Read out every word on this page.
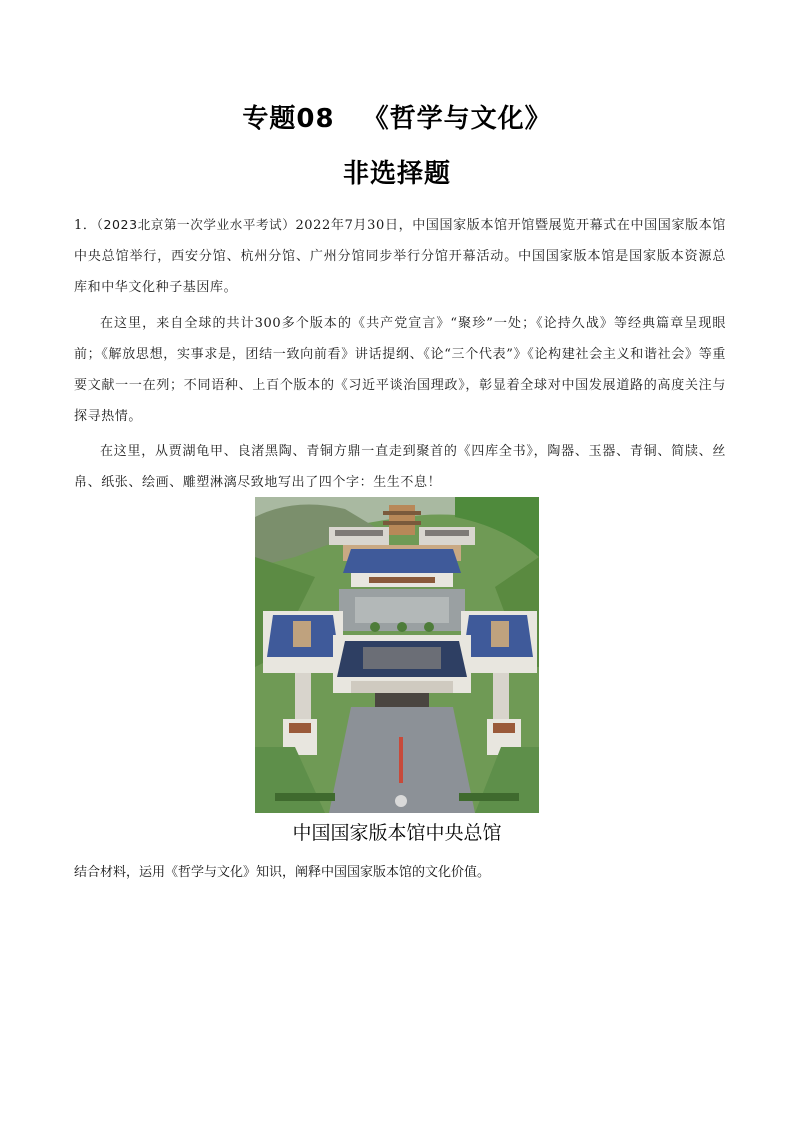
专题08 《哲学与文化》
非选择题
1．（2023北京第一次学业水平考试）2022年7月30日，中国国家版本馆开馆暨展览开幕式在中国国家版本馆中央总馆举行，西安分馆、杭州分馆、广州分馆同步举行分馆开幕活动。中国国家版本馆是国家版本资源总库和中华文化种子基因库。
在这里，来自全球的共计300多个版本的《共产党宣言》“聚珍”一处；《论持久战》等经典篇章呈现眼前；《解放思想，实事求是，团结一致向前看》讲话提纲、《论“三个代表”》《论构建社会主义和谐社会》等重要文献一一在列；不同语种、上百个版本的《习近平谈治国理政》，彰显着全球对中国发展道路的高度关注与探寻热情。
在这里，从贾湖龟甲、良渚黑陶、青铜方鼎一直走到聚首的《四库全书》，陶器、玉器、青铜、简牍、丝帛、纸张、绘画、雕塑淋漓尽致地写出了四个字：生生不息！
中国国家版本馆中央总馆
结合材料，运用《哲学与文化》知识，阐释中国国家版本馆的文化价值。
